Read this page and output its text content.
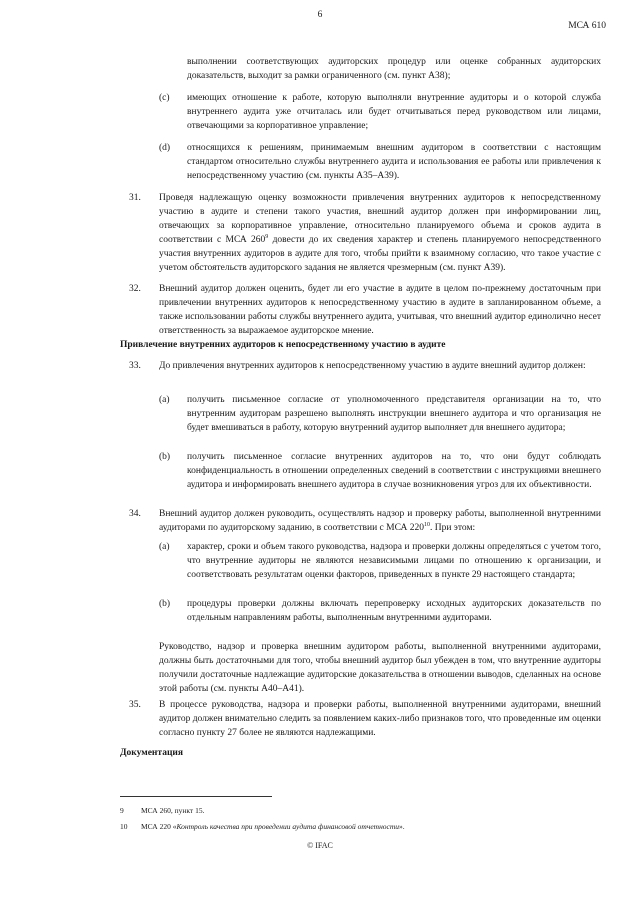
6
МСА 610

выполнении соответствующих аудиторских процедур или оценке собранных аудиторских доказательств, выходит за рамки ограниченного (см. пункт А38);

(c) имеющих отношение к работе, которую выполняли внутренние аудиторы и о которой служба внутреннего аудита уже отчиталась или будет отчитываться перед руководством или лицами, отвечающими за корпоративное управление;

(d) относящихся к решениям, принимаемым внешним аудитором в соответствии с настоящим стандартом относительно службы внутреннего аудита и использования ее работы или привлечения к непосредственному участию (см. пункты А35–А39).

31. Проведя надлежащую оценку возможности привлечения внутренних аудиторов к непосредственному участию в аудите и степени такого участия, внешний аудитор должен при информировании лиц, отвечающих за корпоративное управление, относительно планируемого объема и сроков аудита в соответствии с МСА $260^9$ довести до их сведения характер и степень планируемого непосредственного участия внутренних аудиторов в аудите для того, чтобы прийти к взаимному согласию, что такое участие с учетом обстоятельств аудиторского задания не является чрезмерным (см. пункт А39).

32. Внешний аудитор должен оценить, будет ли его участие в аудите в целом по-прежнему достаточным при привлечении внутренних аудиторов к непосредственному участию в аудите в запланированном объеме, а также использовании работы службы внутреннего аудита, учитывая, что внешний аудитор единолично несет ответственность за выражаемое аудиторское мнение.

Привлечение внутренних аудиторов к непосредственному участию в аудите
33. До привлечения внутренних аудиторов к непосредственному участию в аудите внешний аудитор должен:

(a) получить письменное согласие от уполномоченного представителя организации на то, что внутренним аудиторам разрешено выполнять инструкции внешнего аудитора и что организация не будет вмешиваться в работу, которую внутренний аудитор выполняет для внешнего аудитора;

(b) получить письменное согласие внутренних аудиторов на то, что они будут соблюдать конфиденциальность в отношении определенных сведений в соответствии с инструкциями внешнего аудитора и информировать внешнего аудитора в случае возникновения угроз для их объективности.

34. Внешний аудитор должен руководить, осуществлять надзор и проверку работы, выполненной внутренними аудиторами по аудиторскому заданию, в соответствии с МСА $220^{10}$. При этом:

(a) характер, сроки и объем такого руководства, надзора и проверки должны определяться с учетом того, что внутренние аудиторы не являются независимыми лицами по отношению к организации, и соответствовать результатам оценки факторов, приведенных в пункте 29 настоящего стандарта;

(b) процедуры проверки должны включать перепроверку исходных аудиторских доказательств по отдельным направлениям работы, выполненным внутренними аудиторами.

Руководство, надзор и проверка внешним аудитором работы, выполненной внутренними аудиторами, должны быть достаточными для того, чтобы внешний аудитор был убежден в том, что внутренние аудиторы получили достаточные надлежащие аудиторские доказательства в отношении выводов, сделанных на основе этой работы (см. пункты А40–А41).

35. В процессе руководства, надзора и проверки работы, выполненной внутренними аудиторами, внешний аудитор должен внимательно следить за появлением каких-либо признаков того, что проведенные им оценки согласно пункту 27 более не являются надлежащими.

Документация
9 МСА 260, пункт 15.
10 МСА 220 «Контроль качества при проведении аудита финансовой отчетности».
© IFAC
